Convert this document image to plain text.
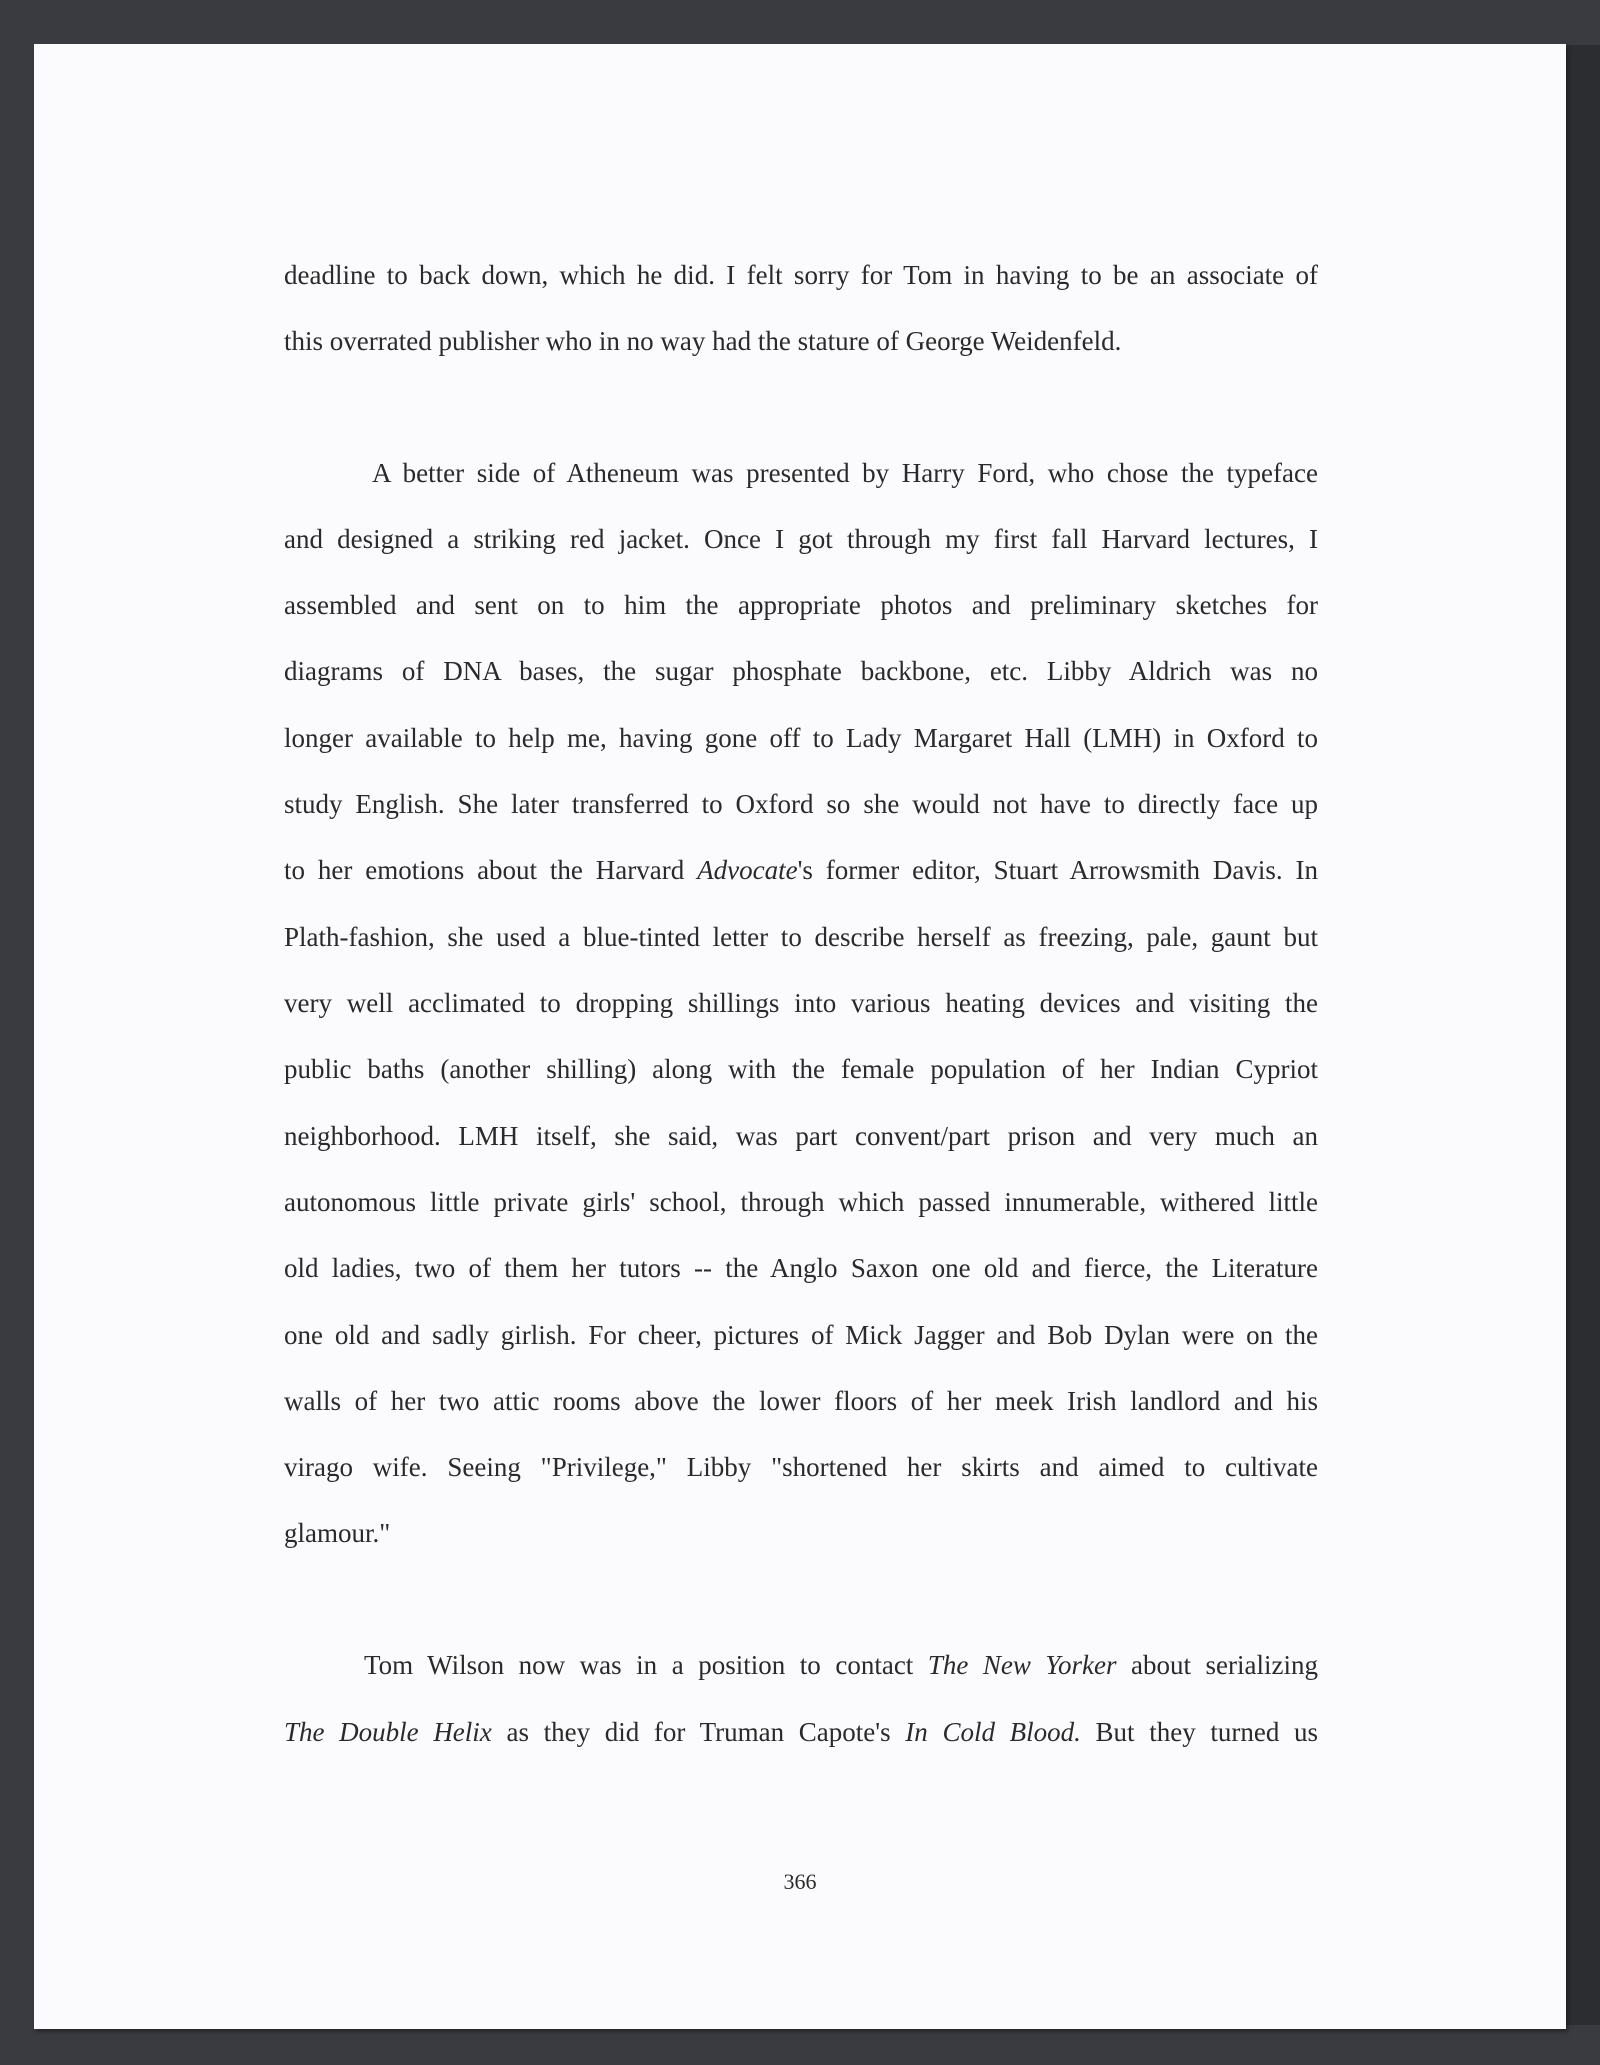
deadline to back down, which he did. I felt sorry for Tom in having to be an associate of
this overrated publisher who in no way had the stature of George Weidenfeld.
A better side of Atheneum was presented by Harry Ford, who chose the typeface
and designed a striking red jacket. Once I got through my first fall Harvard lectures, I
assembled and sent on to him the appropriate photos and preliminary sketches for
diagrams of DNA bases, the sugar phosphate backbone, etc. Libby Aldrich was no
longer available to help me, having gone off to Lady Margaret Hall (LMH) in Oxford to
study English. She later transferred to Oxford so she would not have to directly face up
to her emotions about the Harvard Advocate's former editor, Stuart Arrowsmith Davis. In
Plath-fashion, she used a blue-tinted letter to describe herself as freezing, pale, gaunt but
very well acclimated to dropping shillings into various heating devices and visiting the
public baths (another shilling) along with the female population of her Indian Cypriot
neighborhood. LMH itself, she said, was part convent/part prison and very much an
autonomous little private girls' school, through which passed innumerable, withered little
old ladies, two of them her tutors -- the Anglo Saxon one old and fierce, the Literature
one old and sadly girlish. For cheer, pictures of Mick Jagger and Bob Dylan were on the
walls of her two attic rooms above the lower floors of her meek Irish landlord and his
virago wife. Seeing "Privilege," Libby "shortened her skirts and aimed to cultivate
glamour."
Tom Wilson now was in a position to contact The New Yorker about serializing
The Double Helix as they did for Truman Capote's In Cold Blood. But they turned us
366
